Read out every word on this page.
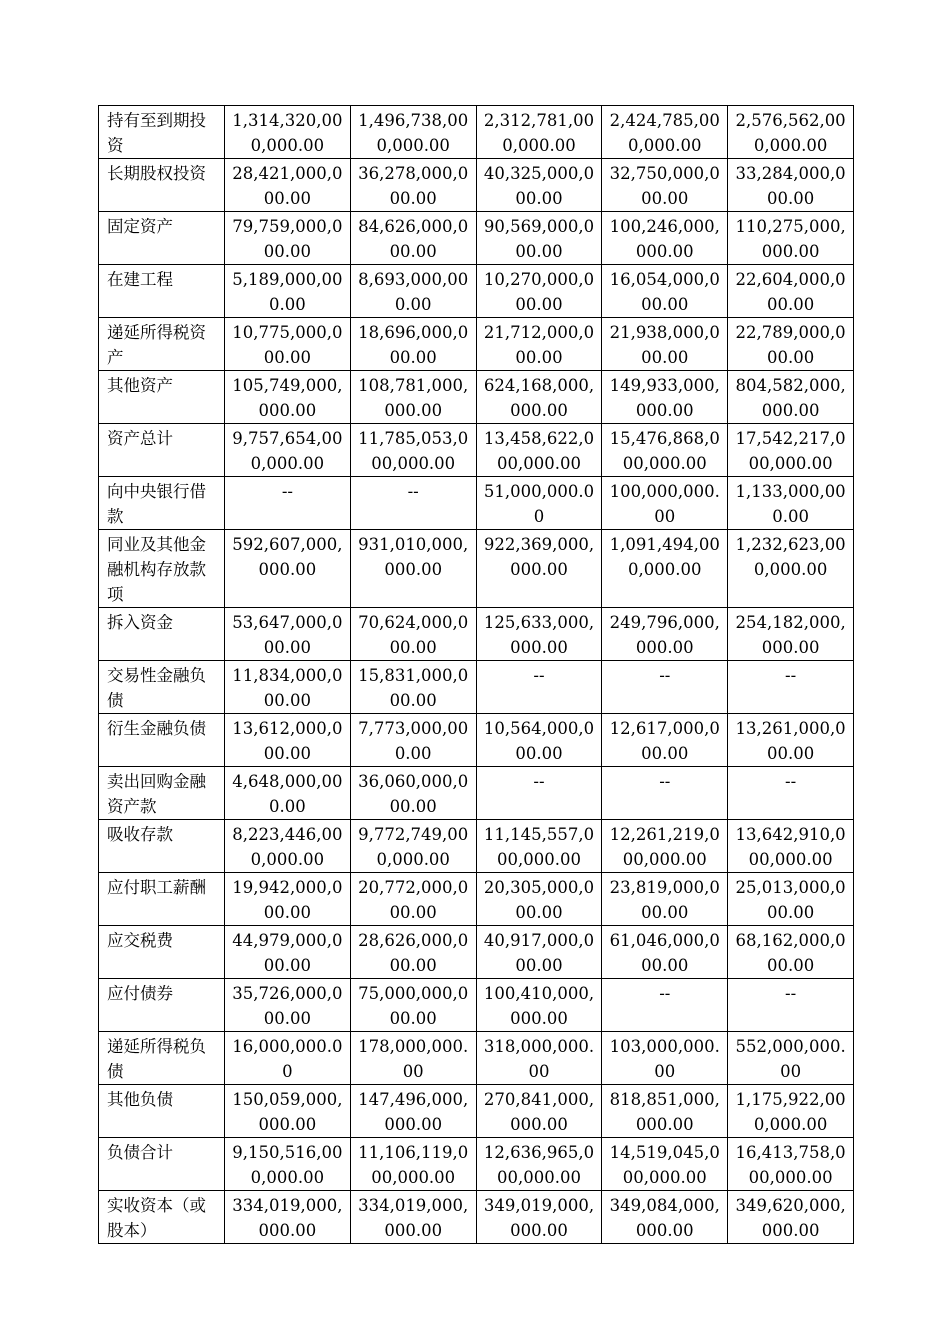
持有至到期投资	1,314,320,000,000.00	1,496,738,000,000.00	2,312,781,000,000.00	2,424,785,000,000.00	2,576,562,000,000.00
长期股权投资	28,421,000,000.00	36,278,000,000.00	40,325,000,000.00	32,750,000,000.00	33,284,000,000.00
固定资产	79,759,000,000.00	84,626,000,000.00	90,569,000,000.00	100,246,000,000.00	110,275,000,000.00
在建工程	5,189,000,000.00	8,693,000,000.00	10,270,000,000.00	16,054,000,000.00	22,604,000,000.00
递延所得税资产	10,775,000,000.00	18,696,000,000.00	21,712,000,000.00	21,938,000,000.00	22,789,000,000.00
其他资产	105,749,000,000.00	108,781,000,000.00	624,168,000,000.00	149,933,000,000.00	804,582,000,000.00
资产总计	9,757,654,000,000.00	11,785,053,000,000.00	13,458,622,000,000.00	15,476,868,000,000.00	17,542,217,000,000.00
向中央银行借款	--	--	51,000,000.00	100,000,000.00	1,133,000,000.00
同业及其他金融机构存放款项	592,607,000,000.00	931,010,000,000.00	922,369,000,000.00	1,091,494,000,000.00	1,232,623,000,000.00
拆入资金	53,647,000,000.00	70,624,000,000.00	125,633,000,000.00	249,796,000,000.00	254,182,000,000.00
交易性金融负债	11,834,000,000.00	15,831,000,000.00	--	--	--
衍生金融负债	13,612,000,000.00	7,773,000,000.00	10,564,000,000.00	12,617,000,000.00	13,261,000,000.00
卖出回购金融资产款	4,648,000,000.00	36,060,000,000.00	--	--	--
吸收存款	8,223,446,000,000.00	9,772,749,000,000.00	11,145,557,000,000.00	12,261,219,000,000.00	13,642,910,000,000.00
应付职工薪酬	19,942,000,000.00	20,772,000,000.00	20,305,000,000.00	23,819,000,000.00	25,013,000,000.00
应交税费	44,979,000,000.00	28,626,000,000.00	40,917,000,000.00	61,046,000,000.00	68,162,000,000.00
应付债券	35,726,000,000.00	75,000,000,000.00	100,410,000,000.00	--	--
递延所得税负债	16,000,000.00	178,000,000.00	318,000,000.00	103,000,000.00	552,000,000.00
其他负债	150,059,000,000.00	147,496,000,000.00	270,841,000,000.00	818,851,000,000.00	1,175,922,000,000.00
负债合计	9,150,516,000,000.00	11,106,119,000,000.00	12,636,965,000,000.00	14,519,045,000,000.00	16,413,758,000,000.00
实收资本（或股本）	334,019,000,000.00	334,019,000,000.00	349,019,000,000.00	349,084,000,000.00	349,620,000,000.00
